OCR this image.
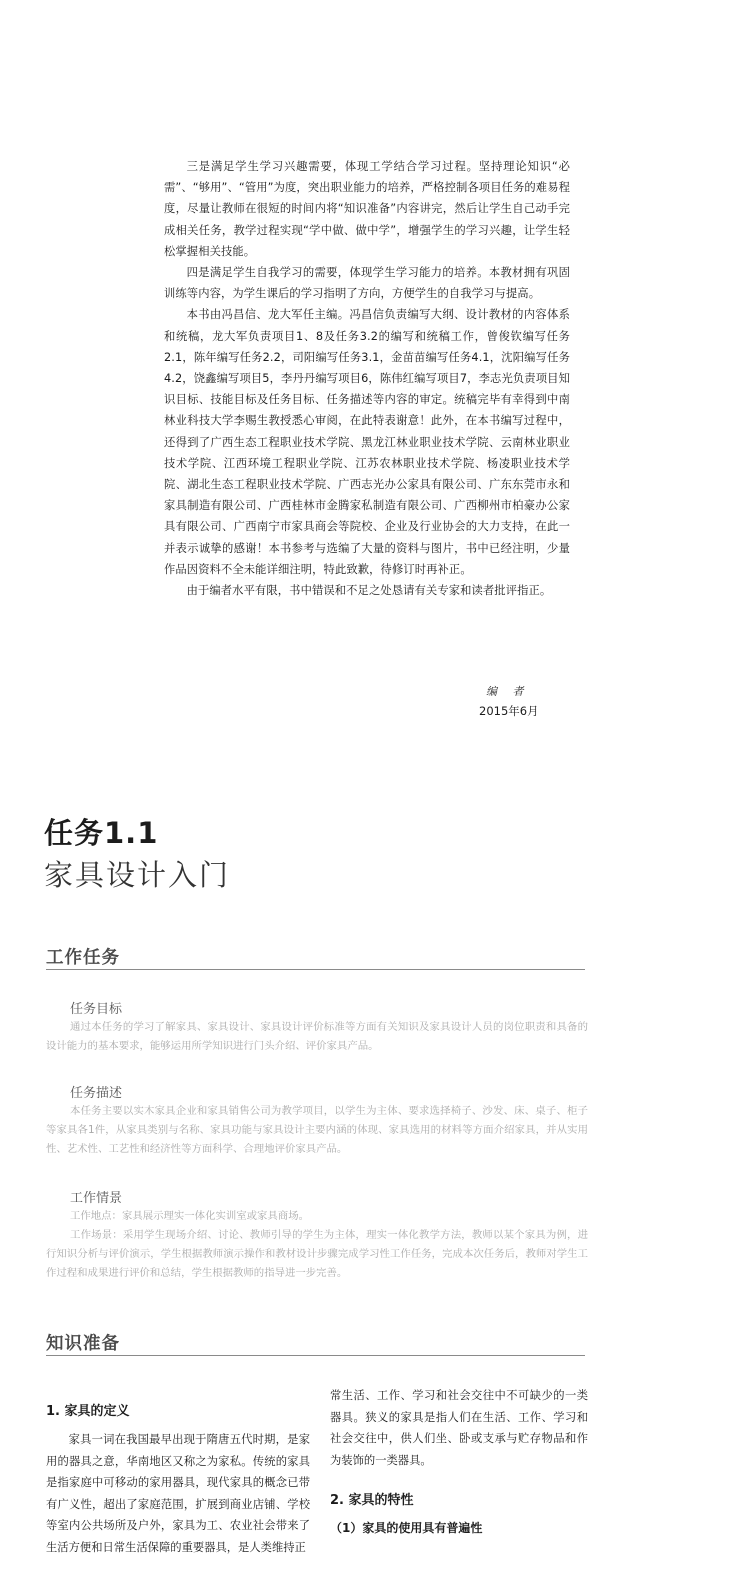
三是满足学生学习兴趣需要，体现工学结合学习过程。坚持理论知识“必需”、“够用”、“管用”为度，突出职业能力的培养，严格控制各项目任务的难易程度，尽量让教师在很短的时间内将“知识准备”内容讲完，然后让学生自己动手完成相关任务，教学过程实现“学中做、做中学”，增强学生的学习兴趣，让学生轻松掌握相关技能。

四是满足学生自我学习的需要，体现学生学习能力的培养。本教材拥有巩固训练等内容，为学生课后的学习指明了方向，方便学生的自我学习与提高。

本书由冯昌信、龙大军任主编。冯昌信负责编写大纲、设计教材的内容体系和统稿，龙大军负责项目1、8及任务3.2的编写和统稿工作，曾俊钦编写任务2.1，陈年编写任务2.2，司阳编写任务3.1，金苗苗编写任务4.1，沈阳编写任务4.2，饶鑫编写项目5，李丹丹编写项目6，陈伟红编写项目7，李志光负责项目知识目标、技能目标及任务目标、任务描述等内容的审定。统稿完毕有幸得到中南林业科技大学李赐生教授悉心审阅，在此特表谢意！此外，在本书编写过程中，还得到了广西生态工程职业技术学院、黑龙江林业职业技术学院、云南林业职业技术学院、江西环境工程职业学院、江苏农林职业技术学院、杨凌职业技术学院、湖北生态工程职业技术学院、广西志光办公家具有限公司、广东东莞市永和家具制造有限公司、广西桂林市金腾家私制造有限公司、广西柳州市柏豪办公家具有限公司、广西南宁市家具商会等院校、企业及行业协会的大力支持，在此一并表示诚挚的感谢！本书参考与选编了大量的资料与图片，书中已经注明，少量作品因资料不全未能详细注明，特此致歉，待修订时再补正。

由于编者水平有限，书中错误和不足之处恳请有关专家和读者批评指正。

编 者
2015年6月
任务1.1
家具设计入门
工作任务
任务目标

通过本任务的学习了解家具、家具设计、家具设计评价标准等方面有关知识及家具设计人员的岗位职责和具备的设计能力的基本要求，能够运用所学知识进行门头介绍、评价家具产品。

任务描述

本任务主要以实木家具企业和家具销售公司为教学项目，以学生为主体、要求选择椅子、沙发、床、桌子、柜子等家具各1件，从家具类别与名称、家具功能与家具设计主要内涵的体现、家具选用的材料等方面介绍家具，并从实用性、艺术性、工艺性和经济性等方面科学、合理地评价家具产品。

工作情景

工作地点：家具展示理实一体化实训室或家具商场。

工作场景：采用学生现场介绍、讨论、教师引导的学生为主体，理实一体化教学方法，教师以某个家具为例，进行知识分析与评价演示，学生根据教师演示操作和教材设计步骤完成学习性工作任务，完成本次任务后，教师对学生工作过程和成果进行评价和总结，学生根据教师的指导进一步完善。

知识准备

1. 家具的定义

家具一词在我国最早出现于隋唐五代时期，是家用的器具之意，华南地区又称之为家私。传统的家具是指家庭中可移动的家用器具，现代家具的概念已带有广义性，超出了家庭范围，扩展到商业店铺、学校等室内公共场所及户外，家具为工、农业社会带来了生活方便和日常生活保障的重要器具，是人类维持正

常生活、工作、学习和社会交往中不可缺少的一类器具。狭义的家具是指人们在生活、工作、学习和社会交往中，供人们坐、卧或支承与贮存物品和作为装饰的一类器具。

2. 家具的特性

（1）家具的使用具有普遍性
